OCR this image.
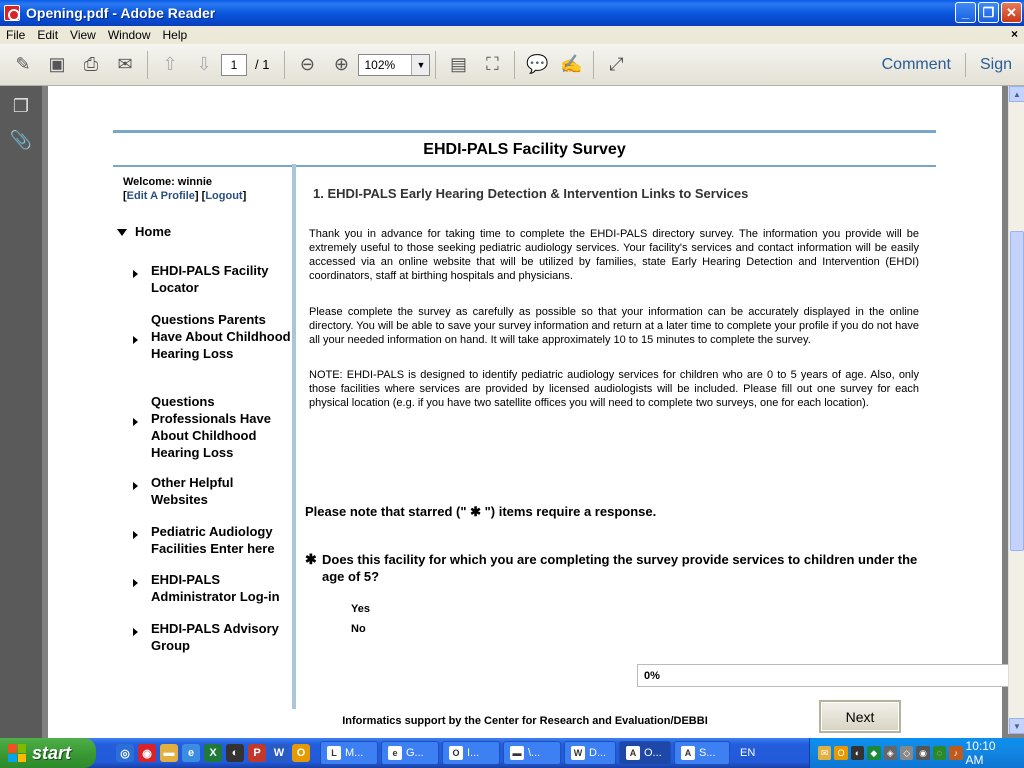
Opening.pdf - Adobe Reader	_	❐ ✕
File	Edit	View	Window	Help	×
✎ ▣	⎙	✉	⇧	⇩	1	/ 1	⊖	⊕	102%	▼ ▤	⛶	💬 ✍	⤢	Comment	Sign
❐
📎	EHDI-PALS Facility Survey
Welcome: winnie
[Edit A Profile] [Logout]
Home
EHDI-PALS Facility Locator
Questions Parents Have About Childhood Hearing Loss
Questions Professionals Have About Childhood Hearing Loss
Other Helpful Websites
Pediatric Audiology Facilities Enter here
EHDI-PALS Administrator Log-in
EHDI-PALS Advisory Group
1. EHDI-PALS Early Hearing Detection & Intervention Links to Services

Thank you in advance for taking time to complete the EHDI-PALS directory survey. The information you provide will be extremely useful to those seeking pediatric audiology services. Your facility's services and contact information will be easily accessed via an online website that will be utilized by families, state Early Hearing Detection and Intervention (EHDI) coordinators, staff at birthing hospitals and physicians.

Please complete the survey as carefully as possible so that your information can be accurately displayed in the online directory. You will be able to save your survey information and return at a later time to complete your profile if you do not have all your needed information on hand. It will take approximately 10 to 15 minutes to complete the survey.

NOTE: EHDI-PALS is designed to identify pediatric audiology services for children who are 0 to 5 years of age. Also, only those facilities where services are provided by licensed audiologists will be included. Please fill out one survey for each physical location (e.g. if you have two satellite offices you will need to complete two surveys, one for each location).

Please note that starred (" ✱ ") items require a response.
✱ Does this facility for which you are completing the survey provide services to children under the age of 5?
Yes
No
0%
Next
Informatics support by the Center for Research and Evaluation/DEBBI
▲
▼
start	◎	◉	▬	e	X	◐	P	W	O	L M...	e G...	O I...	▬ \...	W D...	A O...	A S... EN	✉	O	◐	◆	◈	◇	◉	◌	♪ 10:10 AM
